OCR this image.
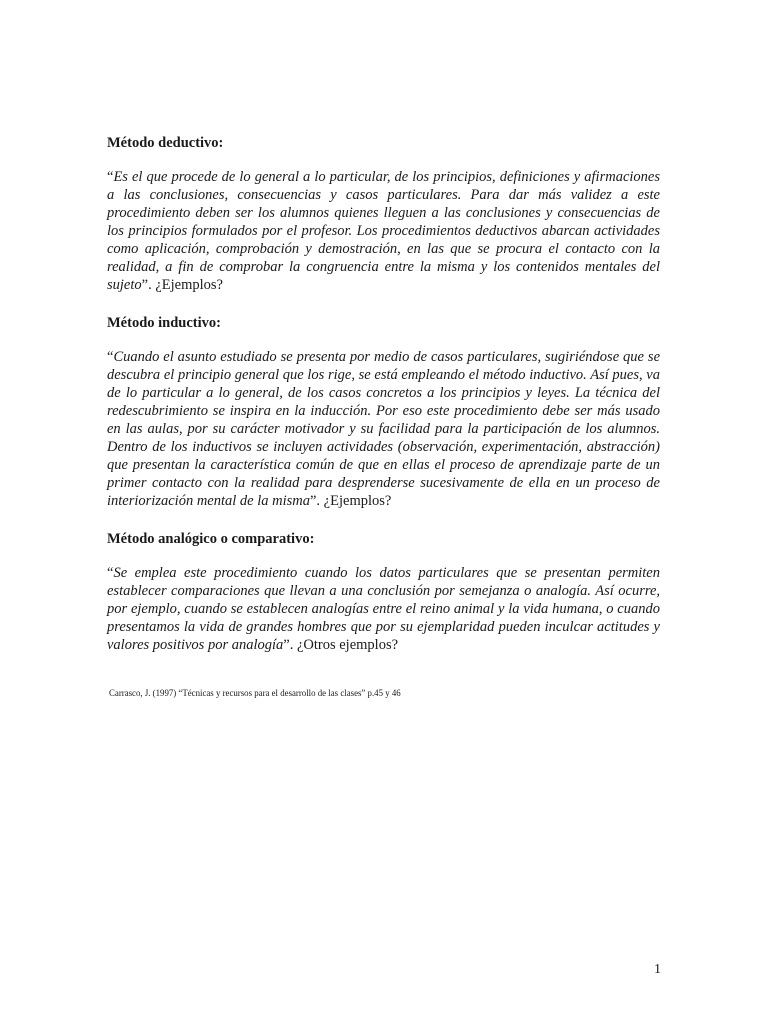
Método deductivo:

“Es el que procede de lo general a lo particular, de los principios, definiciones y afirmaciones a las conclusiones, consecuencias y casos particulares. Para dar más validez a este procedimiento deben ser los alumnos quienes lleguen a las conclusiones y consecuencias de los principios formulados por el profesor. Los procedimientos deductivos abarcan actividades como aplicación, comprobación y demostración, en las que se procura el contacto con la realidad, a fin de comprobar la congruencia entre la misma y los contenidos mentales del sujeto”. ¿Ejemplos?

Método inductivo:

“Cuando el asunto estudiado se presenta por medio de casos particulares, sugiriéndose que se descubra el principio general que los rige, se está empleando el método inductivo. Así pues, va de lo particular a lo general, de los casos concretos a los principios y leyes. La técnica del redescubrimiento se inspira en la inducción. Por eso este procedimiento debe ser más usado en las aulas, por su carácter motivador y su facilidad para la participación de los alumnos. Dentro de los inductivos se incluyen actividades (observación, experimentación, abstracción) que presentan la característica común de que en ellas el proceso de aprendizaje parte de un primer contacto con la realidad para desprenderse sucesivamente de ella en un proceso de interiorización mental de la misma”. ¿Ejemplos?

Método analógico o comparativo:

“Se emplea este procedimiento cuando los datos particulares que se presentan permiten establecer comparaciones que llevan a una conclusión por semejanza o analogía. Así ocurre, por ejemplo, cuando se establecen analogías entre el reino animal y la vida humana, o cuando presentamos la vida de grandes hombres que por su ejemplaridad pueden inculcar actitudes y valores positivos por analogía”. ¿Otros ejemplos?

Carrasco, J. (1997) “Técnicas y recursos para el desarrollo de las clases” p.45 y 46
1
